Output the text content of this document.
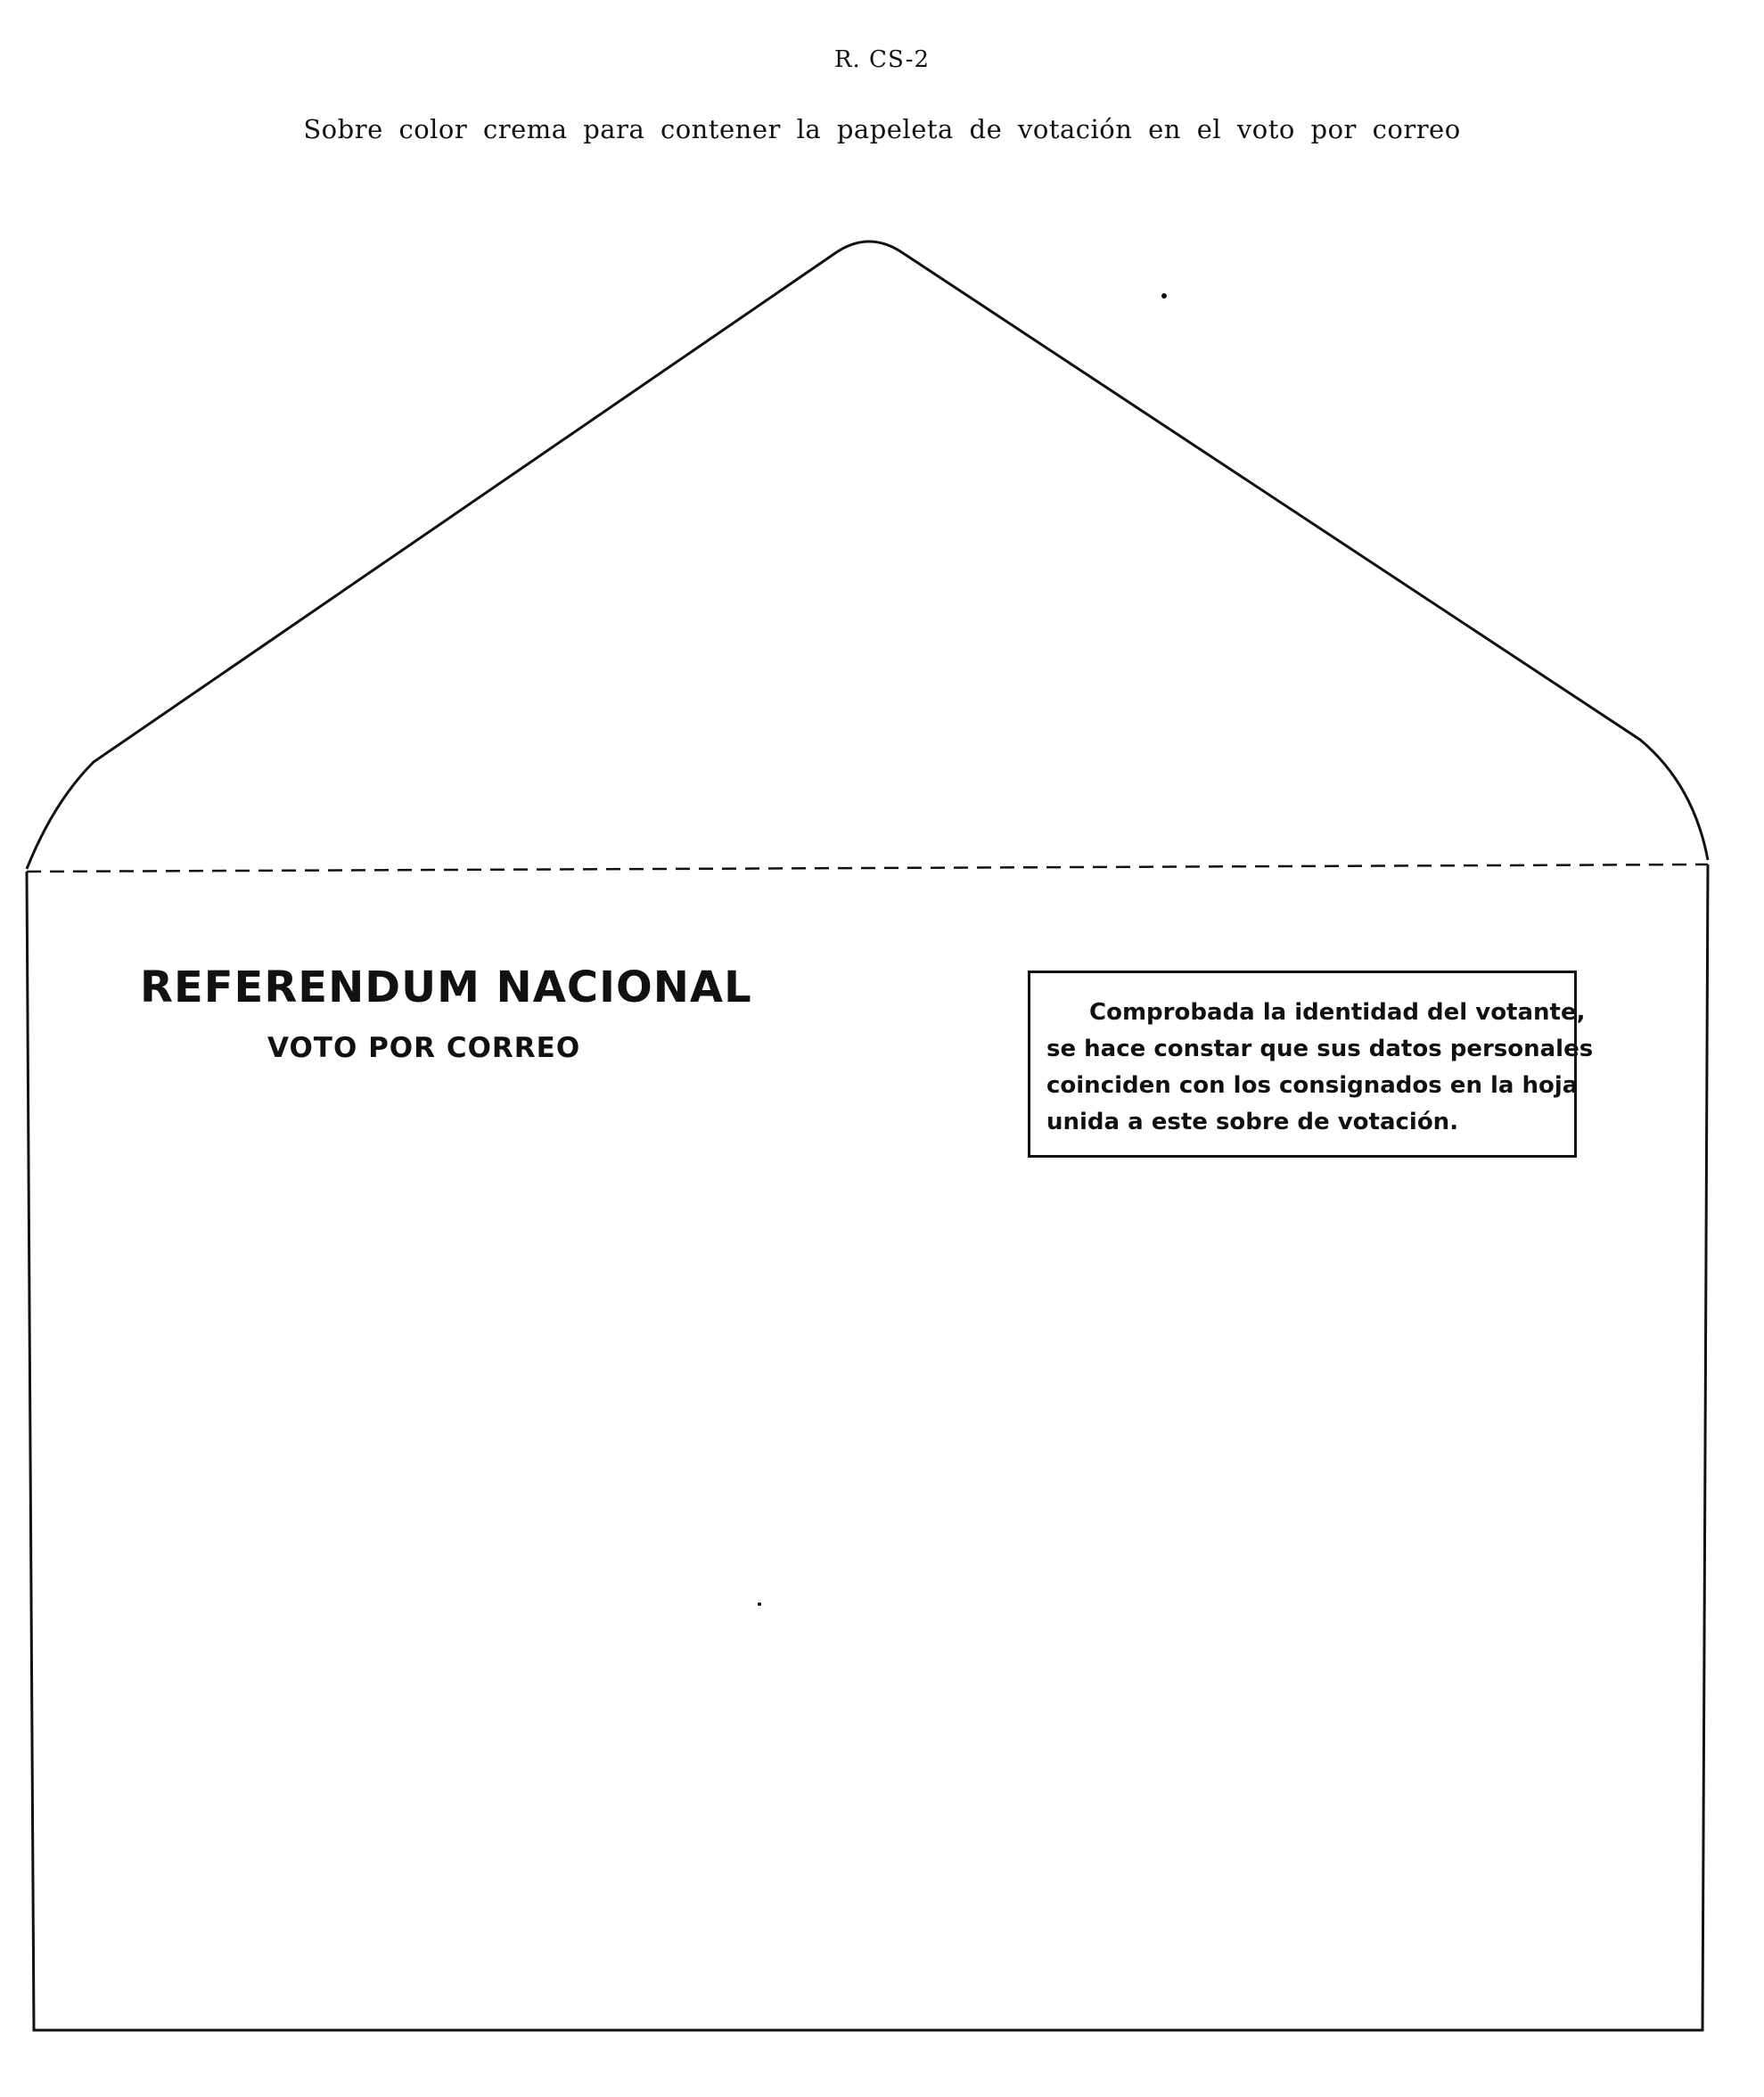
R. CS-2
Sobre color crema para contener la papeleta de votación en el voto por correo
REFERENDUM NACIONAL
VOTO POR CORREO
Comprobada la identidad del votante,
se hace constar que sus datos personales
coinciden con los consignados en la hoja
unida a este sobre de votación.
